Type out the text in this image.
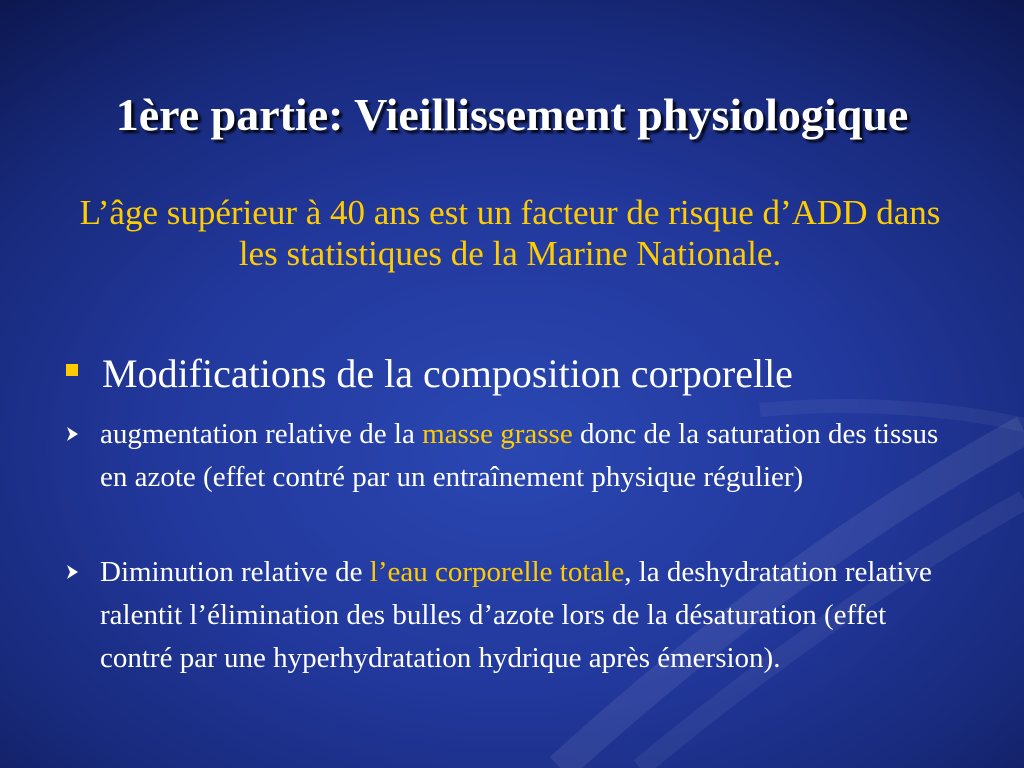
1ère partie: Vieillissement physiologique
L’âge supérieur à 40 ans est un facteur de risque d’ADD dans les statistiques de la Marine Nationale.
Modifications de la composition corporelle
augmentation relative de la masse grasse donc de la saturation des tissus en azote (effet contré par un entraînement physique régulier)
Diminution relative de l’eau corporelle totale, la deshydratation relative ralentit l’élimination des bulles d’azote lors de la désaturation (effet contré par une hyperhydratation hydrique après émersion).
